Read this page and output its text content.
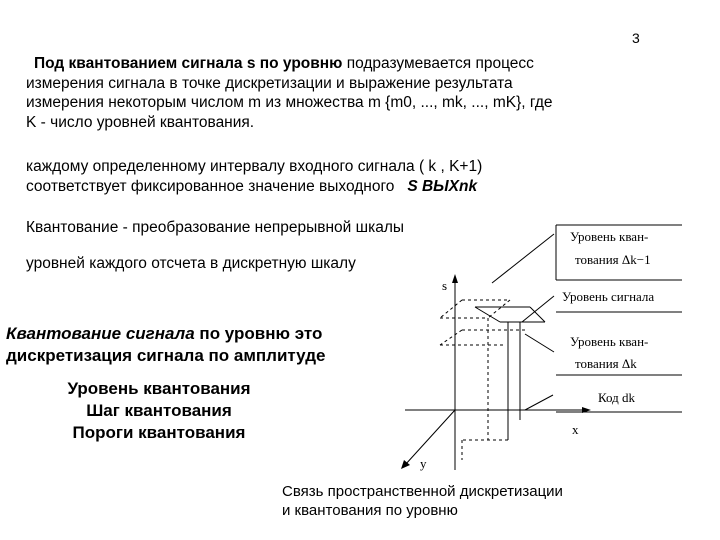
3
Под квантованием сигнала s по уровню подразумевается процесс
измерения сигнала в точке дискретизации и выражение результата
измерения некоторым числом m из множества m {m0, ..., mk, ..., mK}, где
K - число уровней квантования.
каждому определенному интервалу входного сигнала ( k , K+1)
соответствует фиксированное значение выходного   S ВЫХnk
Квантование - преобразование непрерывной шкалы
уровней каждого отсчета в дискретную шкалу
Квантование сигнала по уровню это
дискретизация сигнала по амплитуде
Уровень квантования
Шаг квантования
Пороги квантования
Уровень кван-
тования Δk−1
Уровень сигнала
Уровень кван-
тования Δk
Код dk
s
x
y
Связь пространственной дискретизации
и квантования по уровню
